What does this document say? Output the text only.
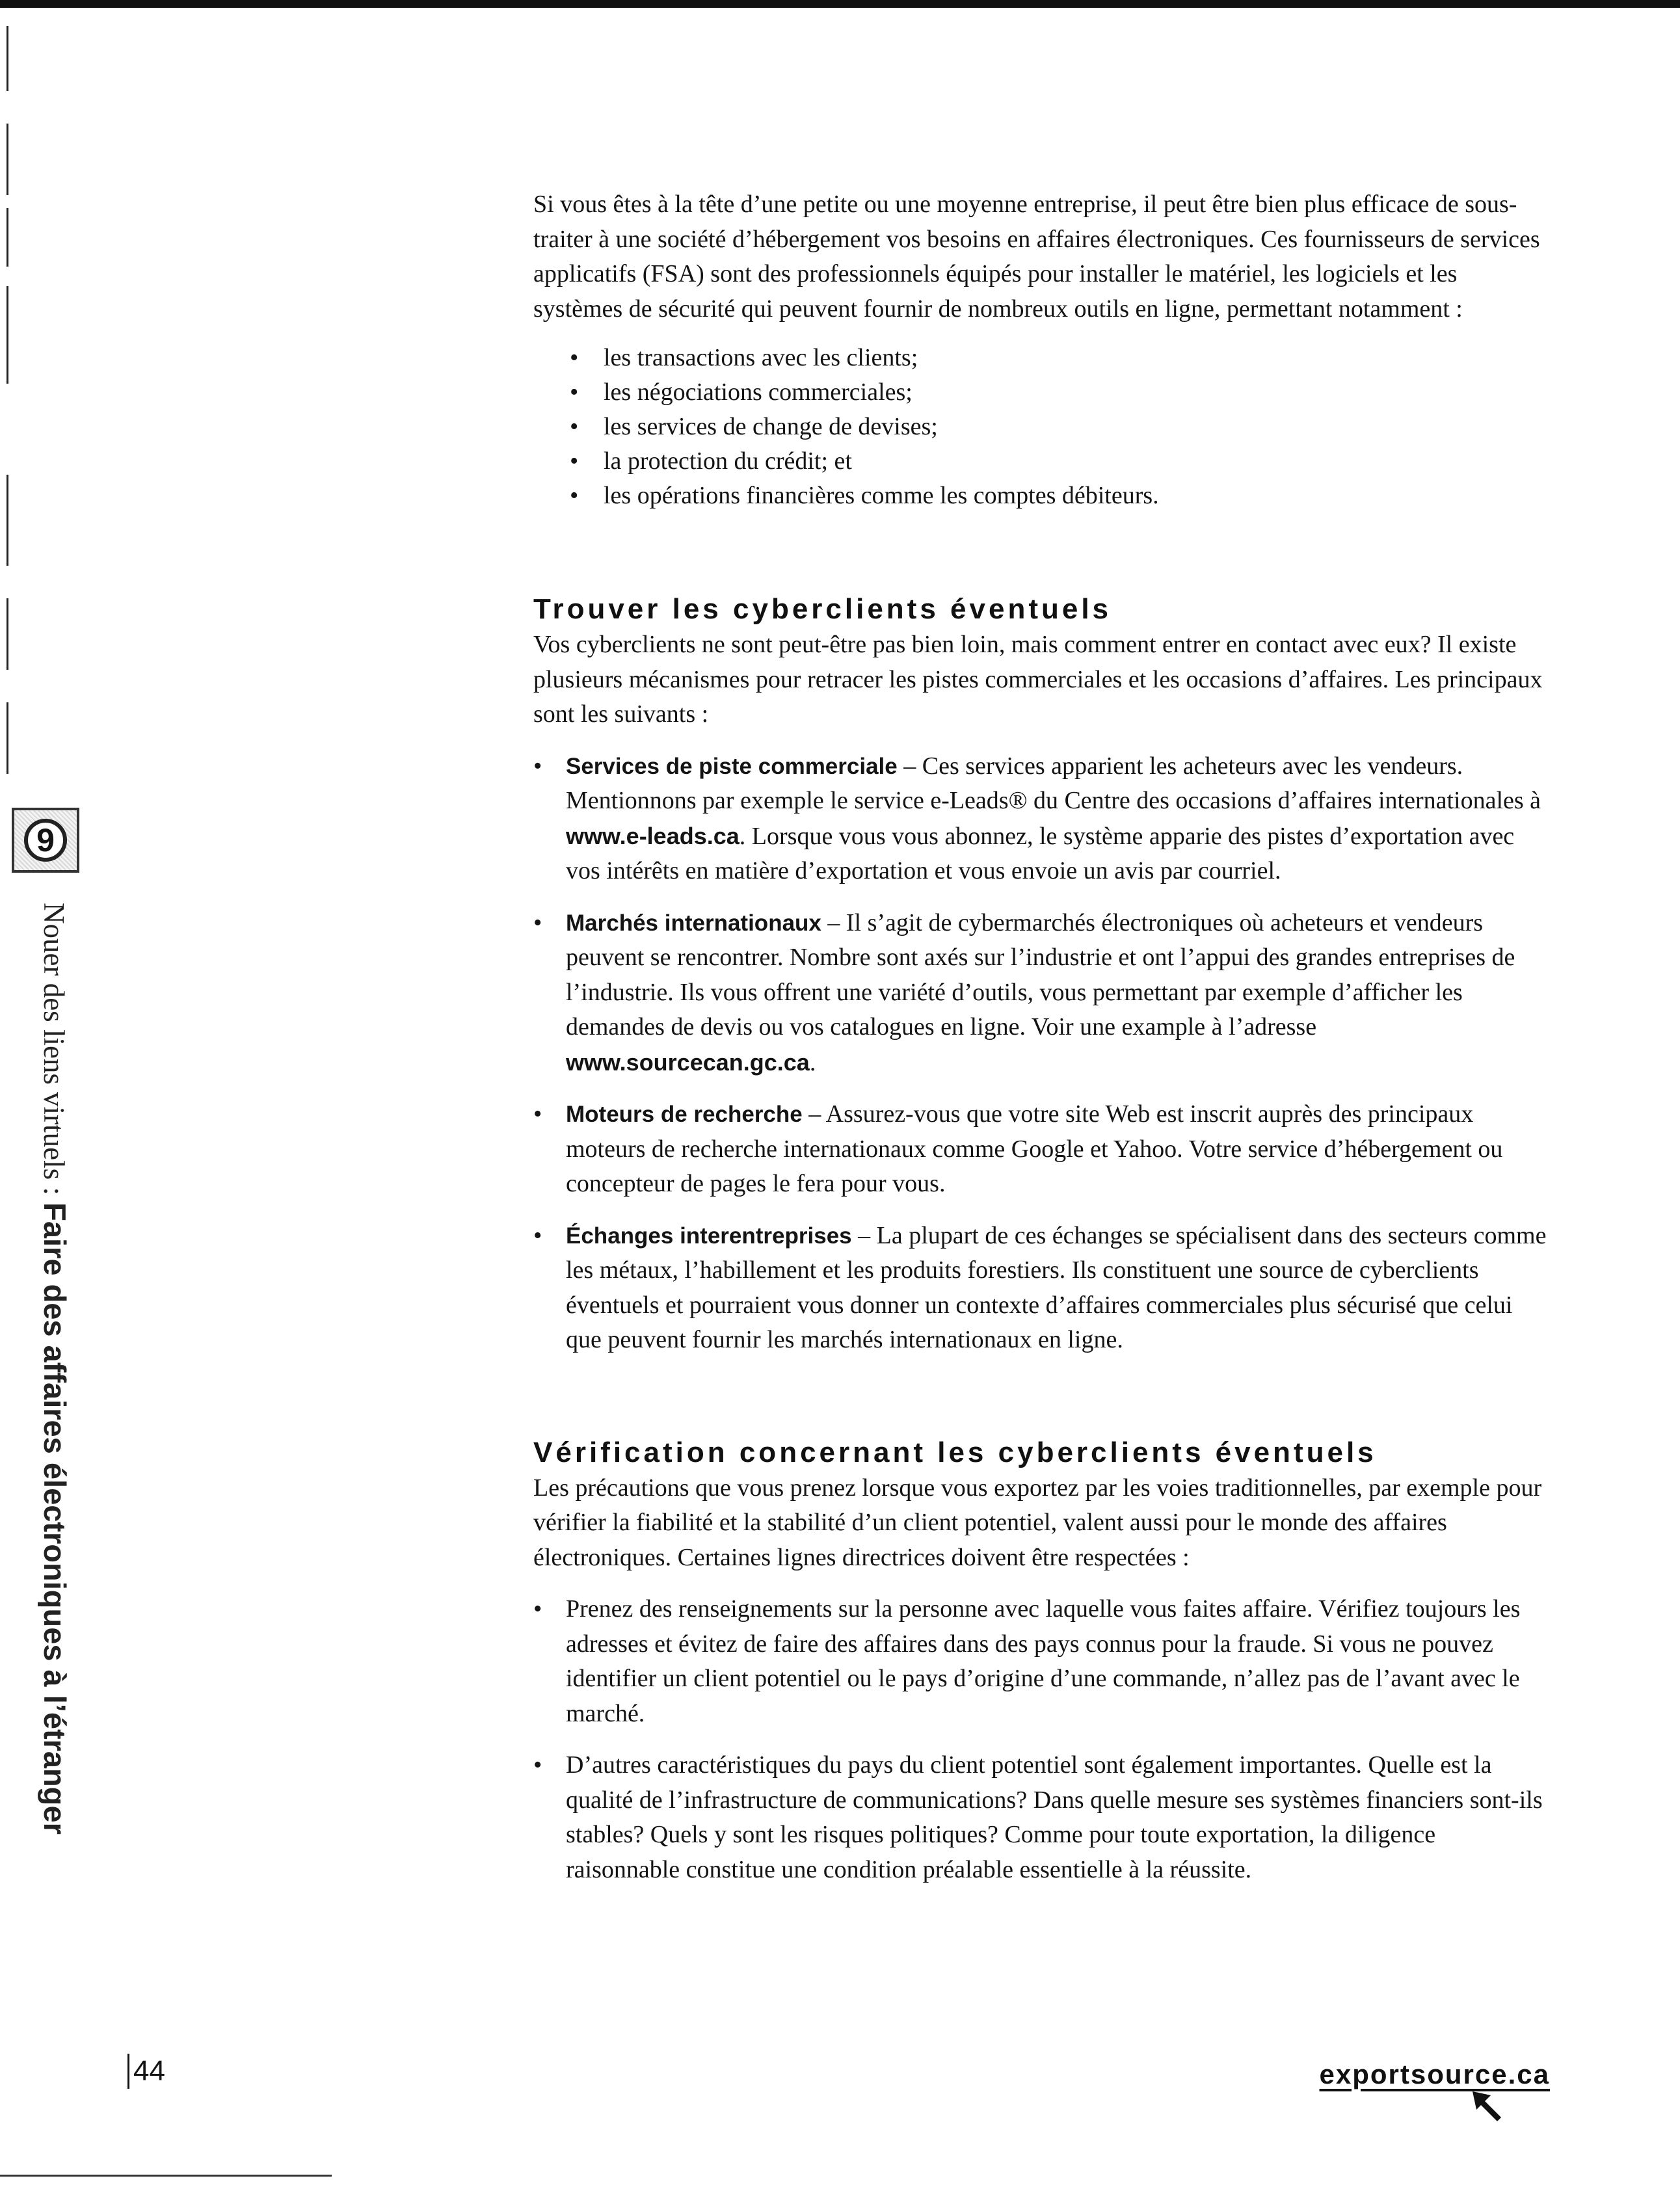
9
Nouer des liens virtuels : Faire des affaires électroniques à l’étranger

Si vous êtes à la tête d’une petite ou une moyenne entreprise, il peut être bien plus efficace de sous-traiter à une société d’hébergement vos besoins en affaires électroniques. Ces fournisseurs de services applicatifs (FSA) sont des professionnels équipés pour installer le matériel, les logiciels et les systèmes de sécurité qui peuvent fournir de nombreux outils en ligne, permettant notamment :

• les transactions avec les clients;
• les négociations commerciales;
• les services de change de devises;
• la protection du crédit; et
• les opérations financières comme les comptes débiteurs.
Trouver les cyberclients éventuels

Vos cyberclients ne sont peut-être pas bien loin, mais comment entrer en contact avec eux? Il existe plusieurs mécanismes pour retracer les pistes commerciales et les occasions d’affaires. Les principaux sont les suivants :

• Services de piste commerciale – Ces services apparient les acheteurs avec les vendeurs. Mentionnons par exemple le service e-Leads® du Centre des occasions d’affaires internationales à www.e-leads.ca. Lorsque vous vous abonnez, le système apparie des pistes d’exportation avec vos intérêts en matière d’exportation et vous envoie un avis par courriel.
• Marchés internationaux – Il s’agit de cybermarchés électroniques où acheteurs et vendeurs peuvent se rencontrer. Nombre sont axés sur l’industrie et ont l’appui des grandes entreprises de l’industrie. Ils vous offrent une variété d’outils, vous permettant par exemple d’afficher les demandes de devis ou vos catalogues en ligne. Voir une example à l’adresse www.sourcecan.gc.ca.
• Moteurs de recherche – Assurez-vous que votre site Web est inscrit auprès des principaux moteurs de recherche internationaux comme Google et Yahoo. Votre service d’hébergement ou concepteur de pages le fera pour vous.
• Échanges interentreprises – La plupart de ces échanges se spécialisent dans des secteurs comme les métaux, l’habillement et les produits forestiers. Ils constituent une source de cyberclients éventuels et pourraient vous donner un contexte d’affaires commerciales plus sécurisé que celui que peuvent fournir les marchés internationaux en ligne.
Vérification concernant les cyberclients éventuels

Les précautions que vous prenez lorsque vous exportez par les voies traditionnelles, par exemple pour vérifier la fiabilité et la stabilité d’un client potentiel, valent aussi pour le monde des affaires électroniques. Certaines lignes directrices doivent être respectées :

• Prenez des renseignements sur la personne avec laquelle vous faites affaire. Vérifiez toujours les adresses et évitez de faire des affaires dans des pays connus pour la fraude. Si vous ne pouvez identifier un client potentiel ou le pays d’origine d’une commande, n’allez pas de l’avant avec le marché.
• D’autres caractéristiques du pays du client potentiel sont également importantes. Quelle est la qualité de l’infrastructure de communications? Dans quelle mesure ses systèmes financiers sont-ils stables? Quels y sont les risques politiques? Comme pour toute exportation, la diligence raisonnable constitue une condition préalable essentielle à la réussite.
44	exportsource.ca
